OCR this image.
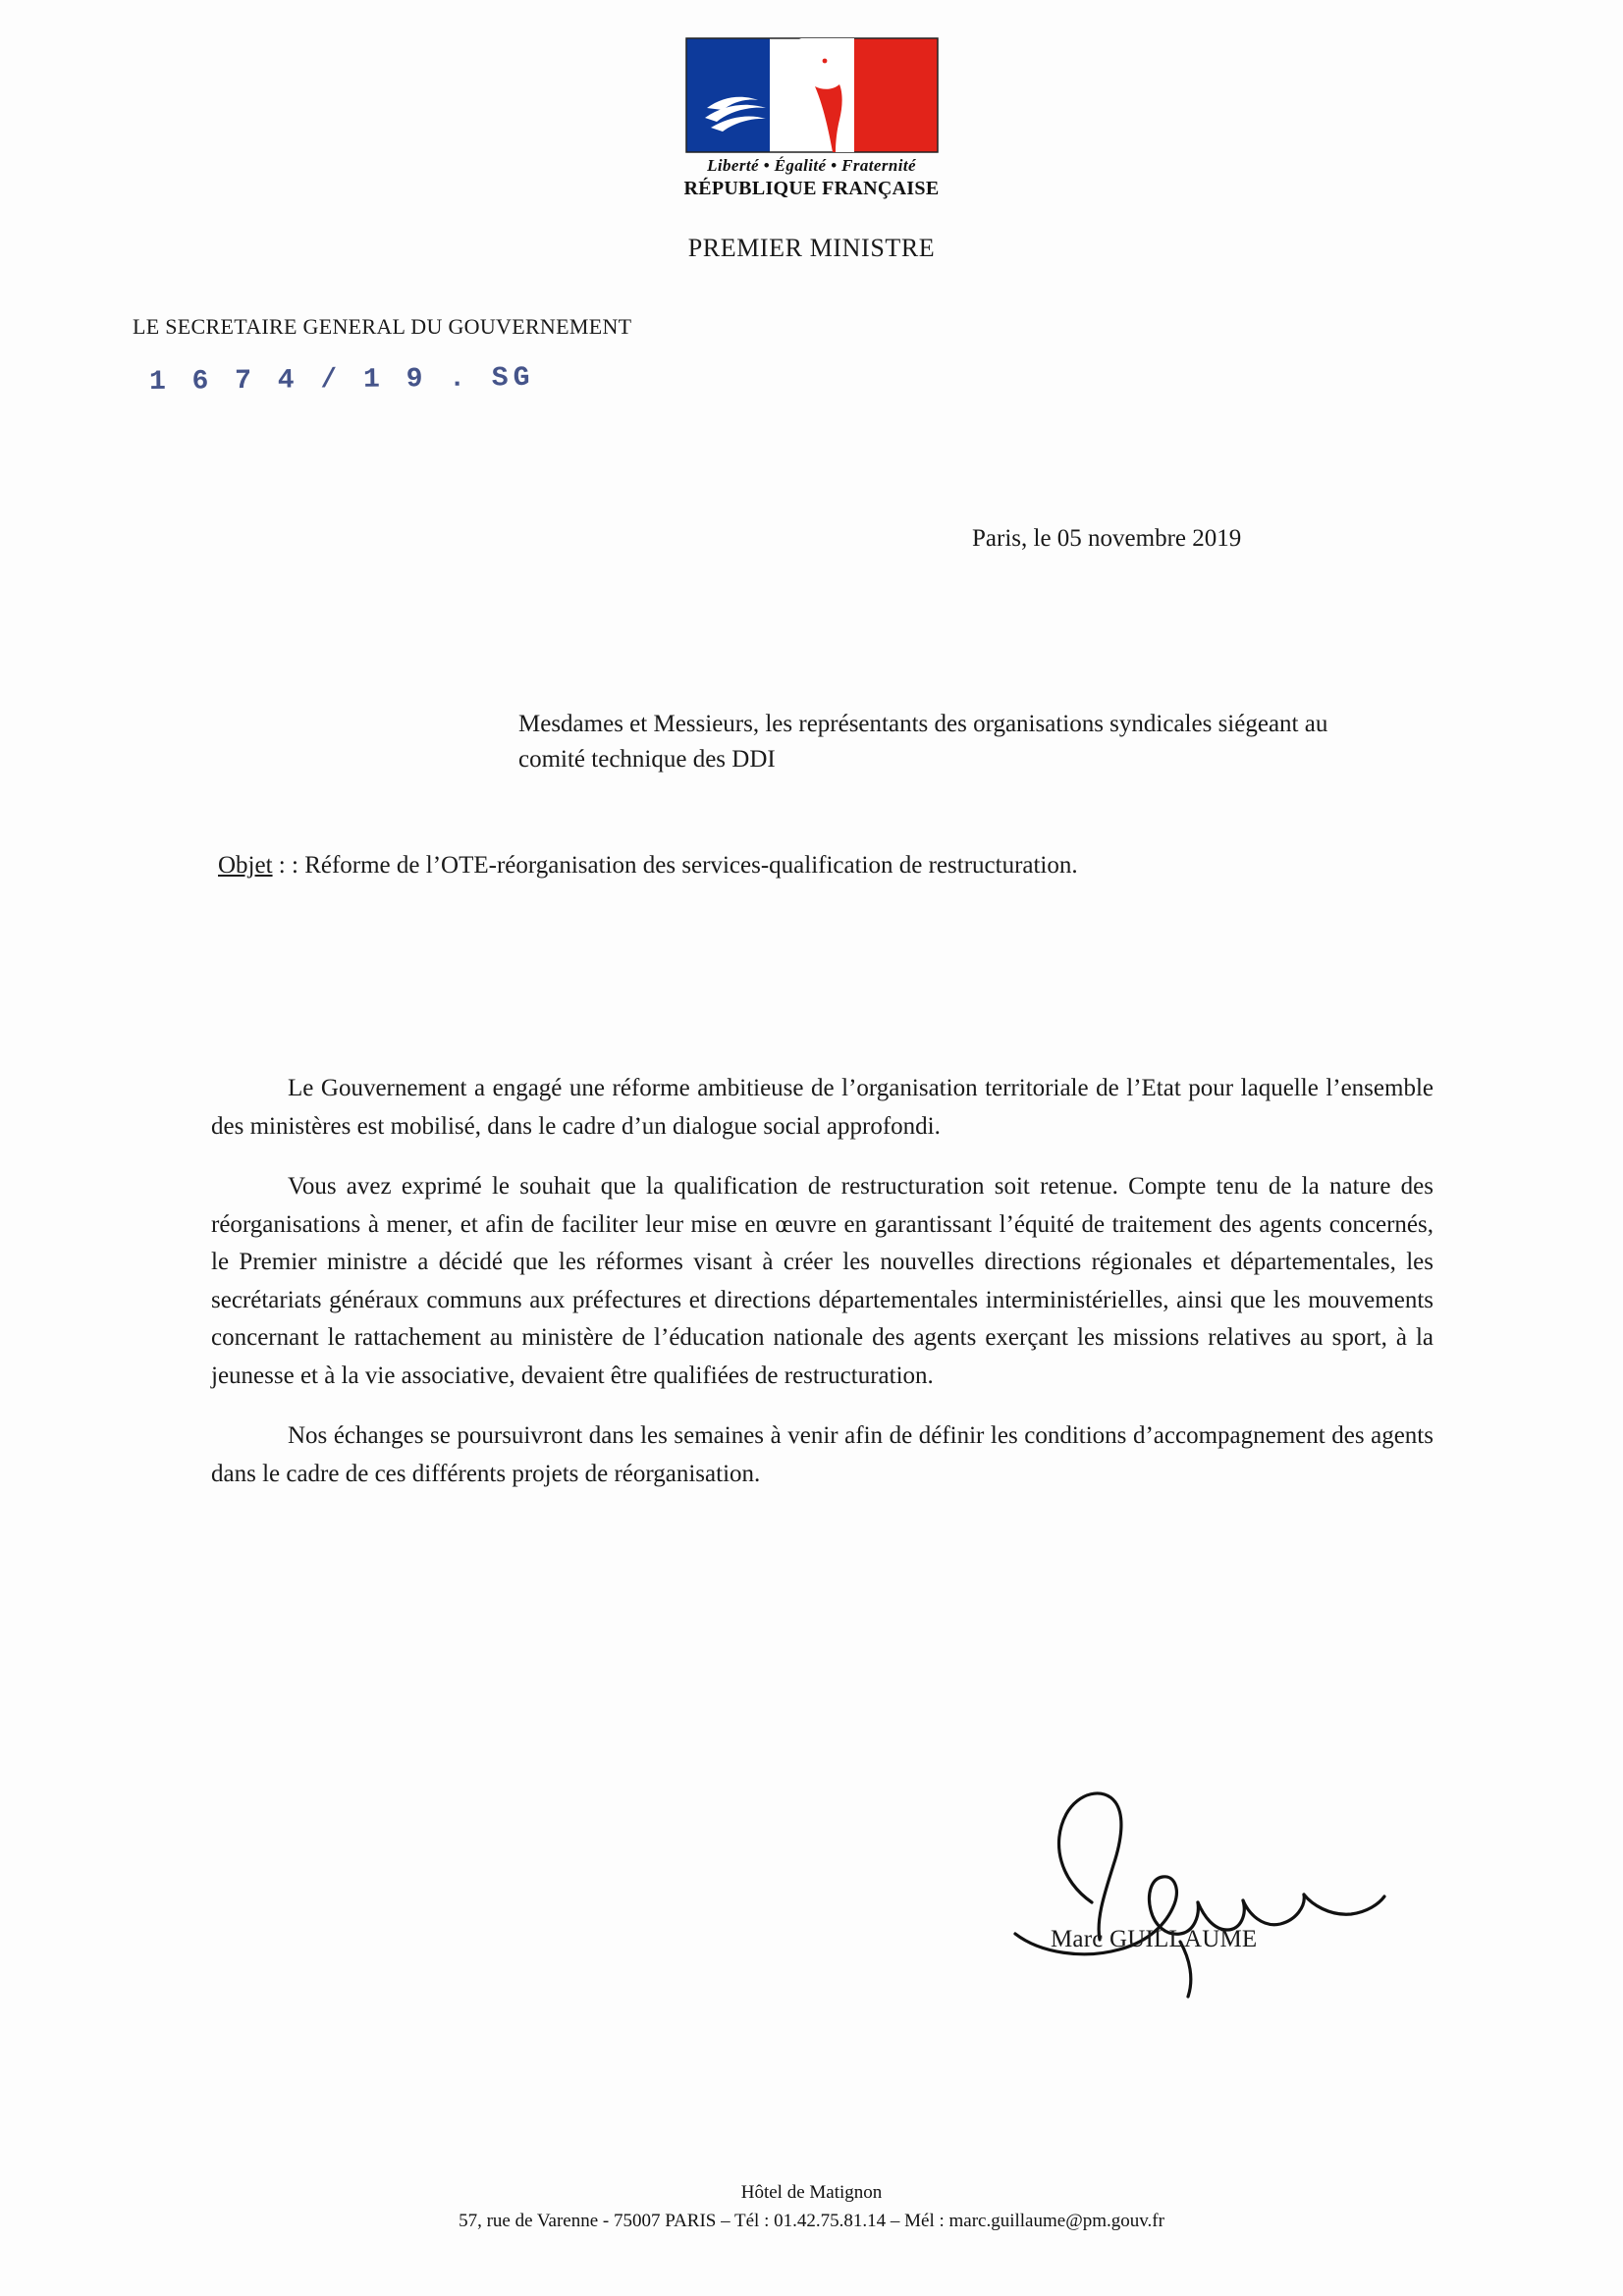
Liberté • Égalité • Fraternité
RÉPUBLIQUE FRANÇAISE
PREMIER MINISTRE
LE SECRETAIRE GENERAL DU GOUVERNEMENT
1 6 7 4 / 1 9 . SG
Paris, le 05 novembre 2019
Mesdames et Messieurs, les représentants des organisations syndicales siégeant au comité technique des DDI
Objet : : Réforme de l’OTE-réorganisation des services-qualification de restructuration.

Le Gouvernement a engagé une réforme ambitieuse de l’organisation territoriale de l’Etat pour laquelle l’ensemble des ministères est mobilisé, dans le cadre d’un dialogue social approfondi.

Vous avez exprimé le souhait que la qualification de restructuration soit retenue. Compte tenu de la nature des réorganisations à mener, et afin de faciliter leur mise en œuvre en garantissant l’équité de traitement des agents concernés, le Premier ministre a décidé que les réformes visant à créer les nouvelles directions régionales et départementales, les secrétariats généraux communs aux préfectures et directions départementales interministérielles, ainsi que les mouvements concernant le rattachement au ministère de l’éducation nationale des agents exerçant les missions relatives au sport, à la jeunesse et à la vie associative, devaient être qualifiées de restructuration.

Nos échanges se poursuivront dans les semaines à venir afin de définir les conditions d’accompagnement des agents dans le cadre de ces différents projets de réorganisation.

Marc GUILLAUME
Hôtel de Matignon
57, rue de Varenne - 75007 PARIS – Tél : 01.42.75.81.14 – Mél : marc.guillaume@pm.gouv.fr
